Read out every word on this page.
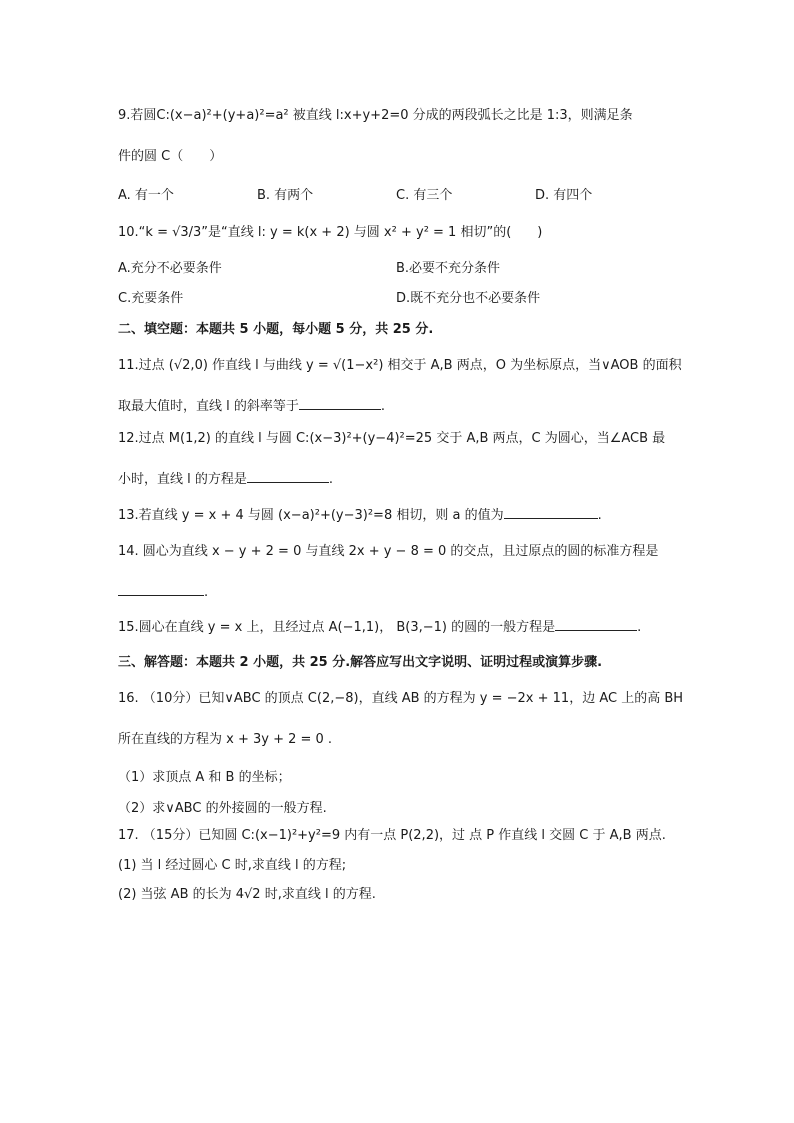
9.若圆C:(x−a)²+(y+a)²=a² 被直线 l:x+y+2=0 分成的两段弧长之比是 1:3，则满足条
件的圆 C（　　）
A. 有一个	B. 有两个	C. 有三个	D. 有四个
10.“k = √3/3”是“直线 l: y = k(x + 2) 与圆 x² + y² = 1 相切”的(　　)
A.充分不必要条件	B.必要不充分条件
C.充要条件	D.既不充分也不必要条件
二、填空题：本题共 5 小题，每小题 5 分，共 25 分.
11.过点 (√2,0) 作直线 l 与曲线 y = √(1−x²) 相交于 A,B 两点，O 为坐标原点，当∨AOB 的面积
取最大值时，直线 l 的斜率等于	.
12.过点 M(1,2) 的直线 l 与圆 C:(x−3)²+(y−4)²=25 交于 A,B 两点，C 为圆心，当∠ACB 最
小时，直线 l 的方程是	.
13.若直线 y = x + 4 与圆 (x−a)²+(y−3)²=8 相切，则 a 的值为	.
14. 圆心为直线 x − y + 2 = 0 与直线 2x + y − 8 = 0 的交点，且过原点的圆的标准方程是
.
15.圆心在直线 y = x 上，且经过点 A(−1,1)， B(3,−1) 的圆的一般方程是	.
三、解答题：本题共 2 小题，共 25 分.解答应写出文字说明、证明过程或演算步骤.
16. （10分）已知∨ABC 的顶点 C(2,−8)，直线 AB 的方程为 y = −2x + 11，边 AC 上的高 BH
所在直线的方程为 x + 3y + 2 = 0 .
（1）求顶点 A 和 B 的坐标；
（2）求∨ABC 的外接圆的一般方程.
17. （15分）已知圆 C:(x−1)²+y²=9 内有一点 P(2,2)，过 点 P 作直线 l 交圆 C 于 A,B 两点.
(1) 当 l 经过圆心 C 时,求直线 l 的方程;
(2) 当弦 AB 的长为 4√2 时,求直线 l 的方程.
